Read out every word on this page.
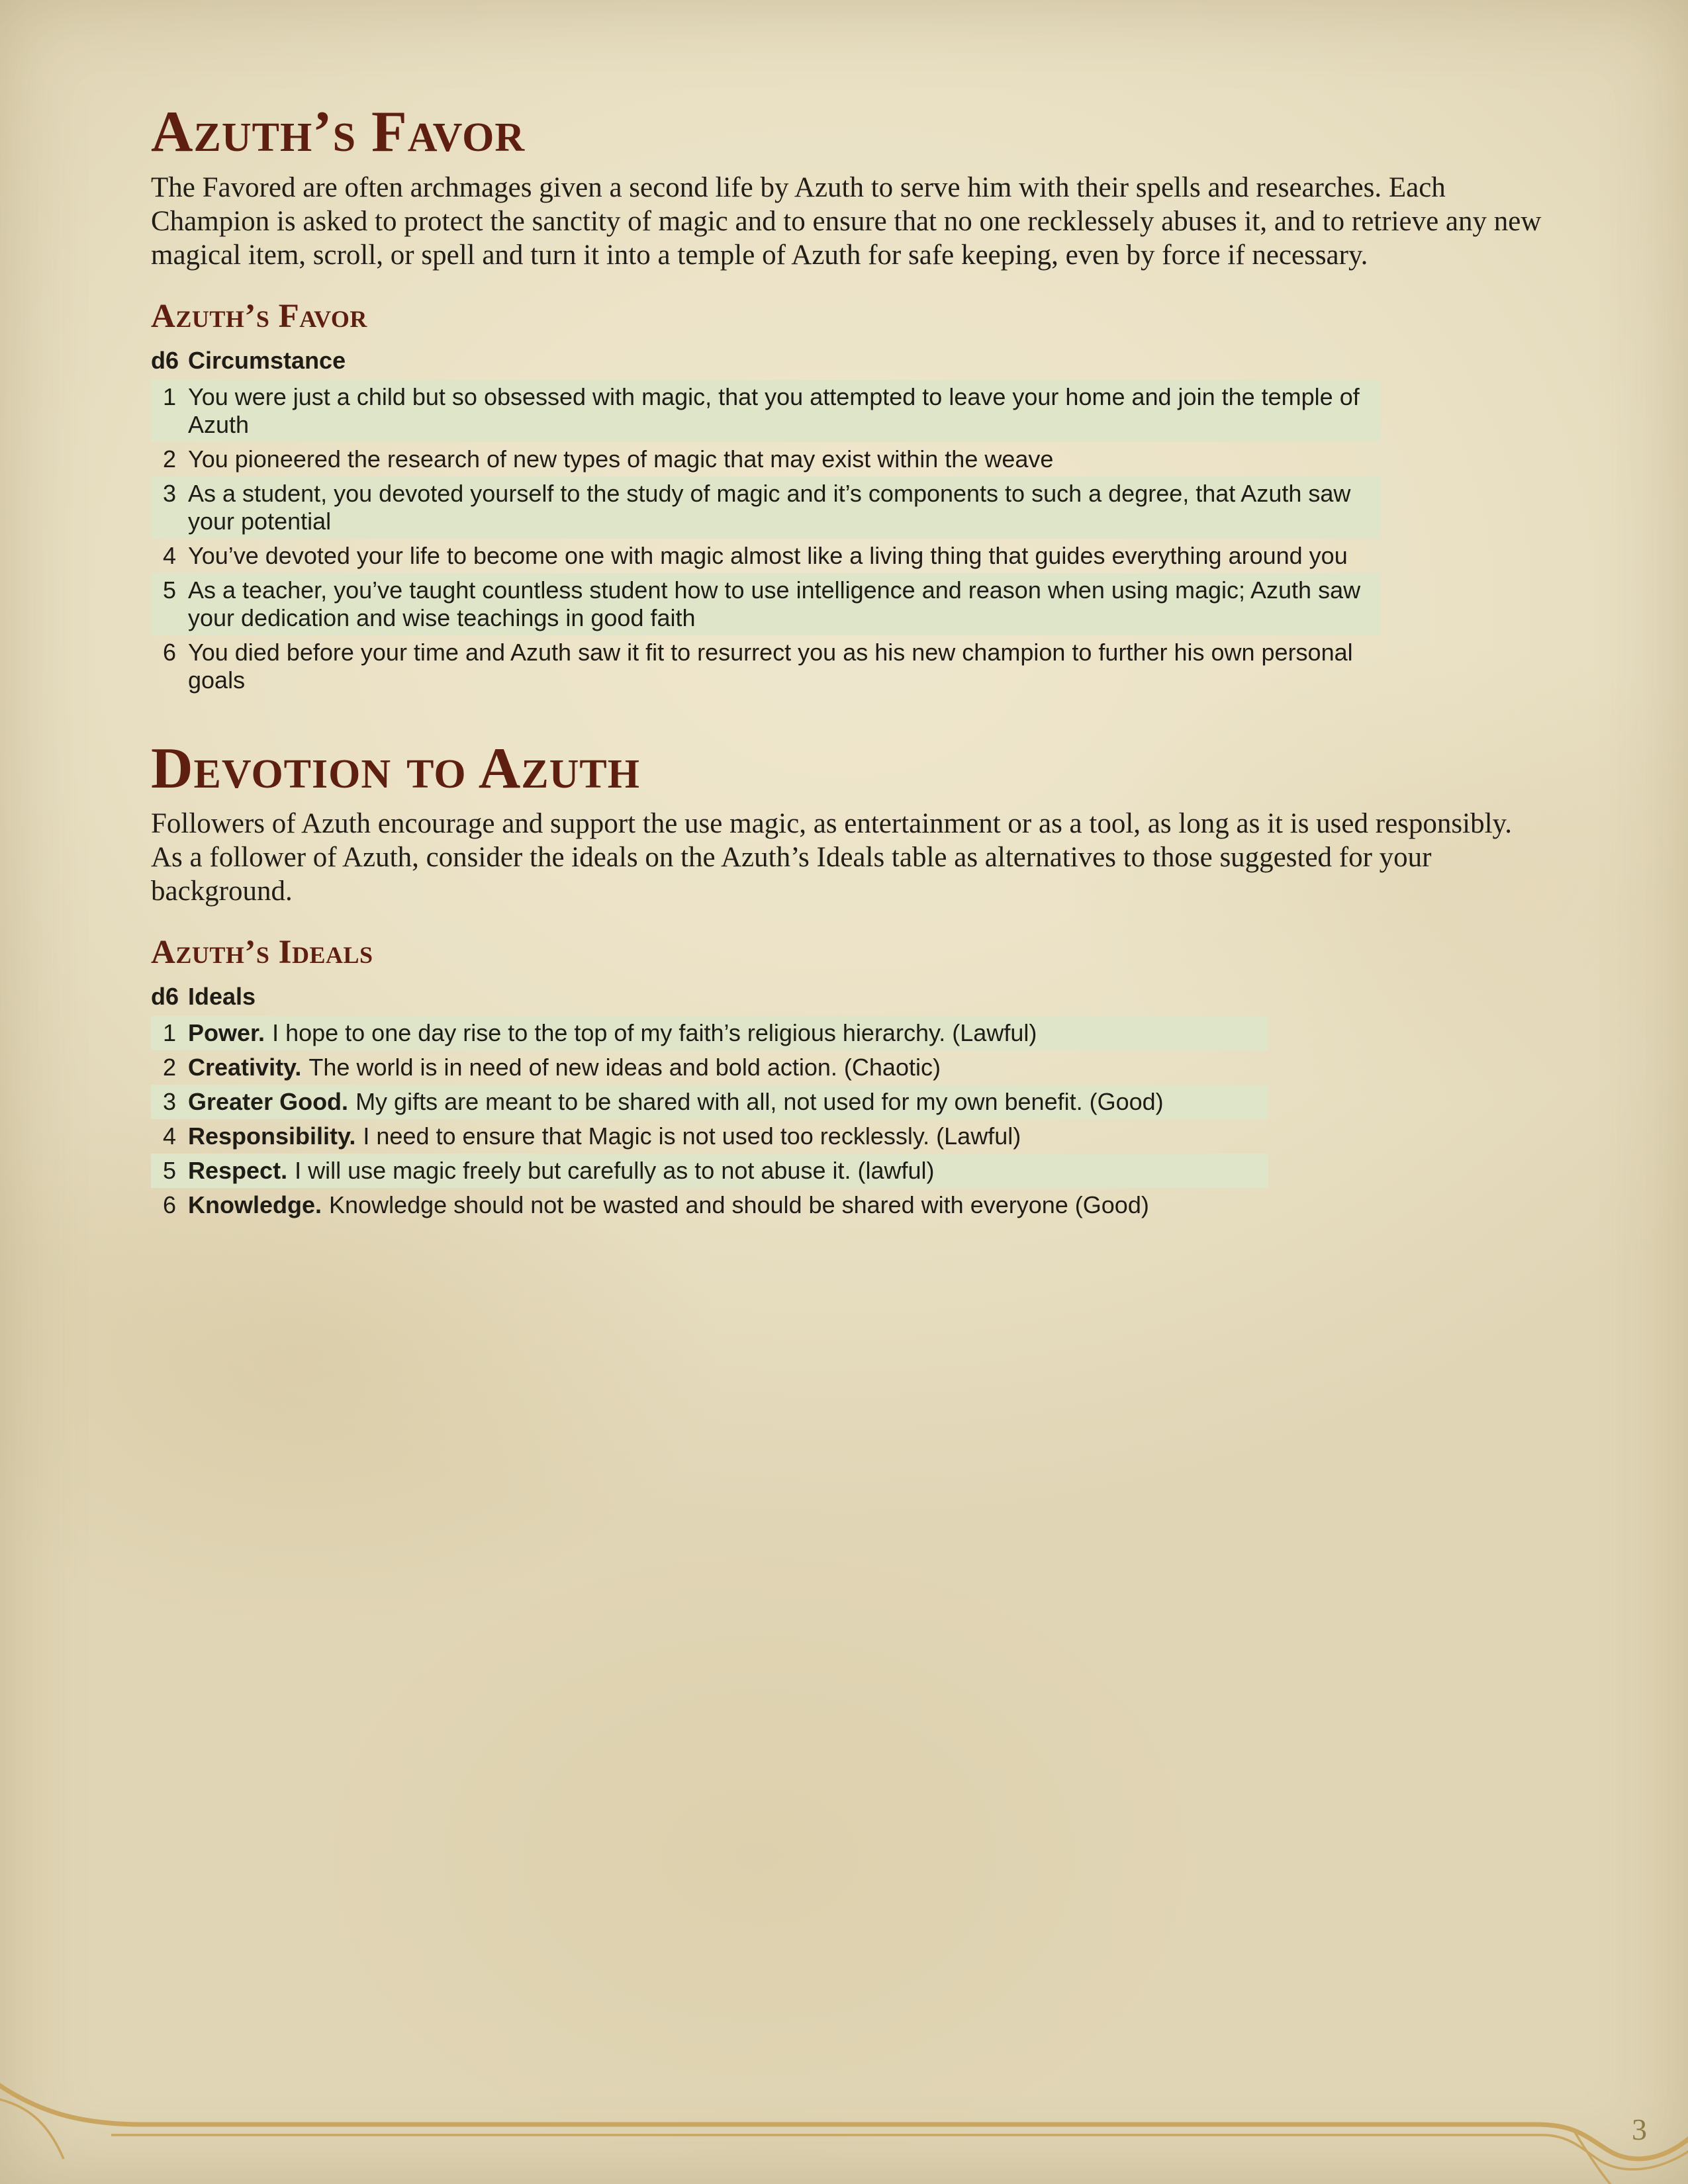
Azuth’s Favor

The Favored are often archmages given a second life by Azuth to serve him with their spells and researches. Each Champion is asked to protect the sanctity of magic and to ensure that no one recklessely abuses it, and to retrieve any new magical item, scroll, or spell and turn it into a temple of Azuth for safe keeping, even by force if necessary.

Azuth’s Favor
d6 Circumstance
1 You were just a child but so obsessed with magic, that you attempted to leave your home and join the temple of Azuth
2 You pioneered the research of new types of magic that may exist within the weave
3 As a student, you devoted yourself to the study of magic and it’s components to such a degree, that Azuth saw your potential
4 You’ve devoted your life to become one with magic almost like a living thing that guides everything around you
5 As a teacher, you’ve taught countless student how to use intelligence and reason when using magic; Azuth saw your dedication and wise teachings in good faith
6 You died before your time and Azuth saw it fit to resurrect you as his new champion to further his own personal goals
Devotion to Azuth

Followers of Azuth encourage and support the use magic, as entertainment or as a tool, as long as it is used responsibly. As a follower of Azuth, consider the ideals on the Azuth’s Ideals table as alternatives to those suggested for your background.

Azuth’s Ideals
d6 Ideals
1 Power. I hope to one day rise to the top of my faith’s religious hierarchy. (Lawful)
2 Creativity. The world is in need of new ideas and bold action. (Chaotic)
3 Greater Good. My gifts are meant to be shared with all, not used for my own benefit. (Good)
4 Responsibility. I need to ensure that Magic is not used too recklessly. (Lawful)
5 Respect. I will use magic freely but carefully as to not abuse it. (lawful)
6 Knowledge. Knowledge should not be wasted and should be shared with everyone (Good)
3
